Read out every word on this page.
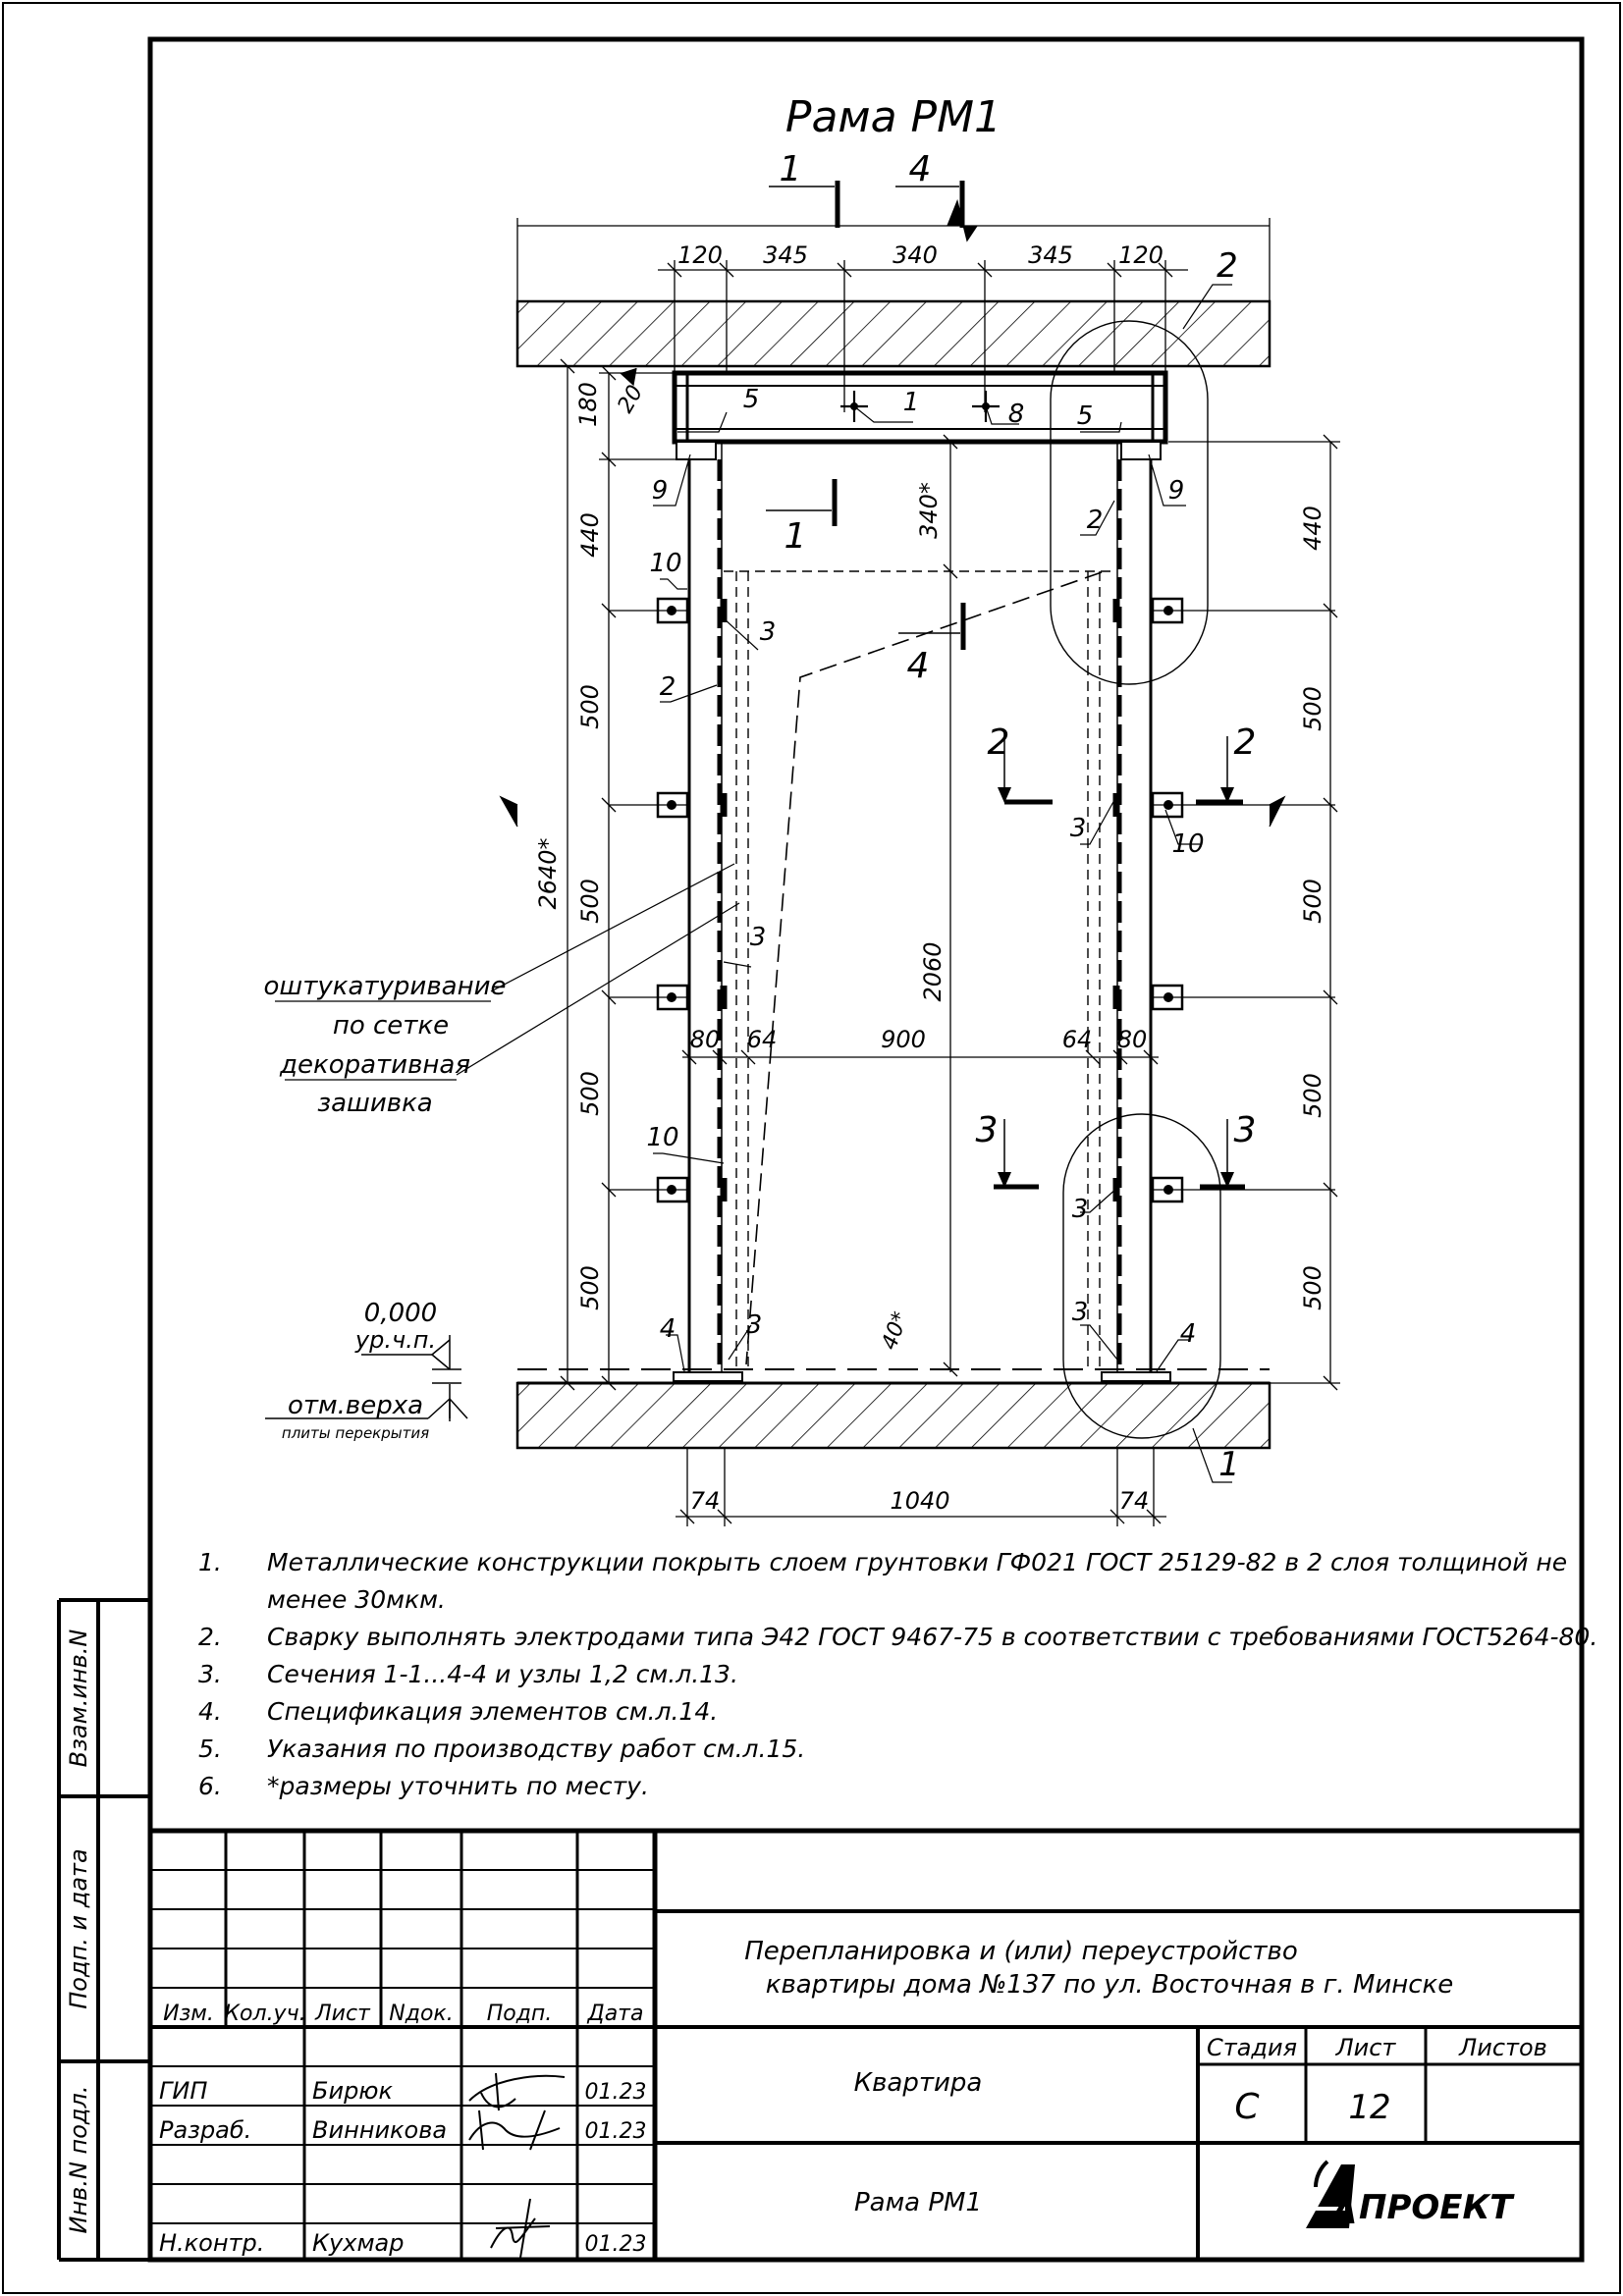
Рама РМ1
120 345	340	345 120
1	4
1
4
2	2
3	3
180 20
440
500
500
500
500
2640*
440
500
500
500
500
340*
2060
40*
80 64	900	64 80
74	1040	74
5	1	8 5
9	9
10
3
2
2
3
10
3
10
3
3
3
4	4
1
2
оштукатуривание
по сетке
декоративная
зашивка
0,000
ур.ч.п.
отм.верха
плиты перекрытия
1. Металлические конструкции покрыть слоем грунтовки ГФ021 ГОСТ 25129-82 в 2 слоя толщиной не
менее 30мкм.
2. Сварку выполнять электродами типа Э42 ГОСТ 9467-75 в соответствии с требованиями ГОСТ5264-80.
3. Сечения 1-1...4-4 и узлы 1,2 см.л.13.
4. Спецификация элементов см.л.14.
5. Указания по производству работ см.л.15.
6. *размеры уточнить по месту.
Взам.инв.N
Подп. и дата
Инв.N подл.
Изм. Кол.уч. Лист Nдок. Подп. Дата
ГИП	Бирюк	01.23
Разраб.	Винникова	01.23
Н.контр. Кухмар	01.23
Перепланировка и (или) переустройство
квартиры дома №137 по ул. Восточная в г. Минске
Квартира
Рама РМ1
Стадия Лист	Листов
С	12
А ПРОЕКТ
